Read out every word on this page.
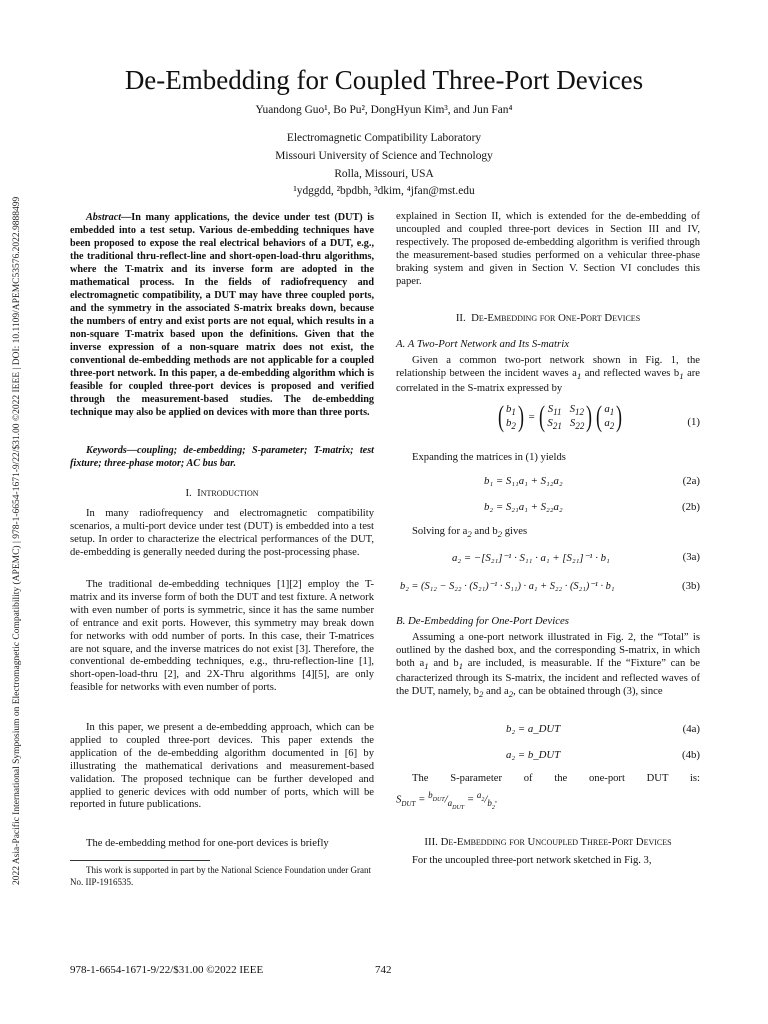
2022 Asia-Pacific International Symposium on Electromagnetic Compatibility (APEMC) | 978-1-6654-1671-9/22/$31.00 ©2022 IEEE | DOI: 10.1109/APEMC53576.2022.9888499
De-Embedding for Coupled Three-Port Devices
Yuandong Guo¹, Bo Pu², DongHyun Kim³, and Jun Fan⁴
Electromagnetic Compatibility Laboratory
Missouri University of Science and Technology
Rolla, Missouri, USA
¹ydggdd, ²bpdbh, ³dkim, ⁴jfan@mst.edu

Abstract—In many applications, the device under test (DUT) is embedded into a test setup. Various de-embedding techniques have been proposed to expose the real electrical behaviors of a DUT, e.g., the traditional thru-reflect-line and short-open-load-thru algorithms, where the T-matrix and its inverse form are adopted in the mathematical process. In the fields of radiofrequency and electromagnetic compatibility, a DUT may have three coupled ports, and the symmetry in the associated S-matrix breaks down, because the numbers of entry and exist ports are not equal, which results in a non-square T-matrix based upon the definitions. Given that the inverse expression of a non-square matrix does not exist, the conventional de-embedding methods are not applicable for a coupled three-port network. In this paper, a de-embedding algorithm which is feasible for coupled three-port devices is proposed and verified through the measurement-based studies. The de-embedding technique may also be applied on devices with more than three ports.

Keywords—coupling; de-embedding; S-parameter; T-matrix; test fixture; three-phase motor; AC bus bar.

I. Introduction

In many radiofrequency and electromagnetic compatibility scenarios, a multi-port device under test (DUT) is embedded into a test setup. In order to characterize the electrical performances of the DUT, de-embedding is generally needed during the post-processing phase.

The traditional de-embedding techniques [1][2] employ the T-matrix and its inverse form of both the DUT and test fixture. A network with even number of ports is symmetric, since it has the same number of entrance and exit ports. However, this symmetry may break down for networks with odd number of ports. In this case, their T-matrices are not square, and the inverse matrices do not exist [3]. Therefore, the conventional de-embedding techniques, e.g., thru-reflection-line [1], short-open-load-thru [2], and 2X-Thru algorithms [4][5], are only feasible for networks with even number of ports.

In this paper, we present a de-embedding approach, which can be applied to coupled three-port devices. This paper extends the application of the de-embedding algorithm documented in [6] by illustrating the mathematical derivations and measurement-based validation. The proposed technique can be further developed and applied to generic devices with odd number of ports, which will be reported in future publications.

The de-embedding method for one-port devices is briefly

This work is supported in part by the National Science Foundation under Grant No. IIP-1916535.

explained in Section II, which is extended for the de-embedding of uncoupled and coupled three-port devices in Section III and IV, respectively. The proposed de-embedding algorithm is verified through the measurement-based studies performed on a vehicular three-phase braking system and given in Section V. Section VI concludes this paper.

II. De-Embedding for One-Port Devices
A. A Two-Port Network and Its S-matrix

Given a common two-port network shown in Fig. 1, the relationship between the incident waves $a_1$ and reflected waves $b_1$ are correlated in the S-matrix expressed by

( $b_1$
$b_2$ ) = ( $S_{11}$   $S_{12}$
$S_{21}$   $S_{22}$ ) ( $a_1$
$a_2$ )	(1)

Expanding the matrices in (1) yields

b₁ = S₁₁a₁ + S₁₂a₂	(2a)
b₂ = S₂₁a₁ + S₂₂a₂	(2b)

Solving for $a_2$ and $b_2$ gives

a₂ = −[S₂₁]⁻¹ · S₁₁ · a₁ + [S₂₁]⁻¹ · b₁	(3a)
b₂ = (S₁₂ − S₂₂ · (S₂₁)⁻¹ · S₁₁) · a₁ + S₂₂ · (S₂₁)⁻¹ · b₁	(3b)
B. De-Embedding for One-Port Devices

Assuming a one-port network illustrated in Fig. 2, the “Total” is outlined by the dashed box, and the corresponding S-matrix, in which both $a_1$ and $b_1$ are included, is measurable. If the “Fixture” can be characterized through its S-matrix, the incident and reflected waves of the DUT, namely, $b_2$ and $a_2$, can be obtained through (3), since

b₂ = a_DUT	(4a)
a₂ = b_DUT	(4b)

The S-parameter of the one-port DUT is:

$S_{DUT} = ^{b_{DUT}}/_{a_{DUT}} = ^{a_2}/_{b_2}$.
III. De-Embedding for Uncoupled Three-Port Devices

For the uncoupled three-port network sketched in Fig. 3,

978-1-6654-1671-9/22/$31.00 ©2022 IEEE	742
